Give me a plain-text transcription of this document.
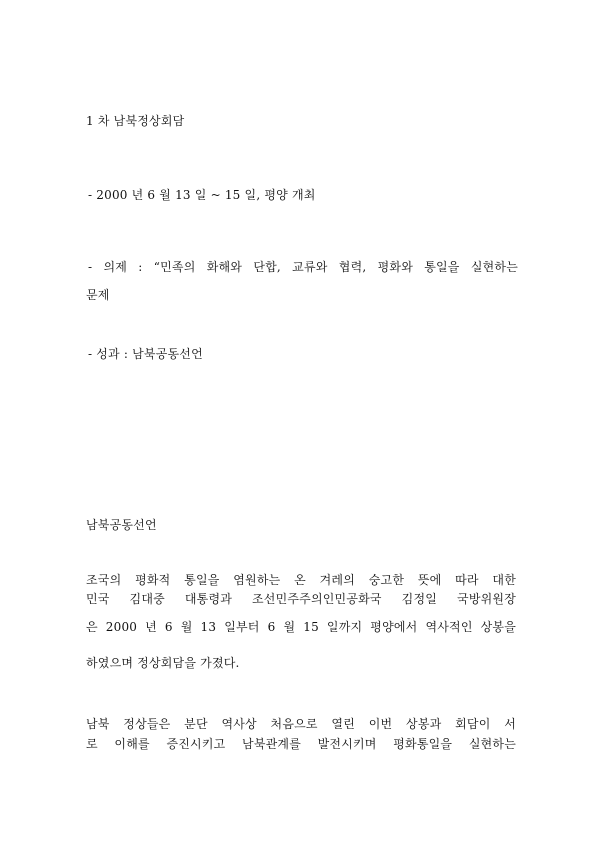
1 차 남북정상회담
- 2000 년 6 월 13 일 ~ 15 일, 평양 개최
- 의제 : “민족의 화해와 단합, 교류와 협력, 평화와 통일을 실현하는
문제
- 성과 : 남북공동선언
남북공동선언
조국의 평화적 통일을 염원하는 온 겨레의 숭고한 뜻에 따라 대한
민국 김대중 대통령과 조선민주주의인민공화국 김정일 국방위원장
은 2000 년 6 월 13 일부터 6 월 15 일까지 평양에서 역사적인 상봉을
하였으며 정상회담을 가졌다.
남북 정상들은 분단 역사상 처음으로 열린 이번 상봉과 회담이 서
로 이해를 증진시키고 남북관계를 발전시키며 평화통일을 실현하는
